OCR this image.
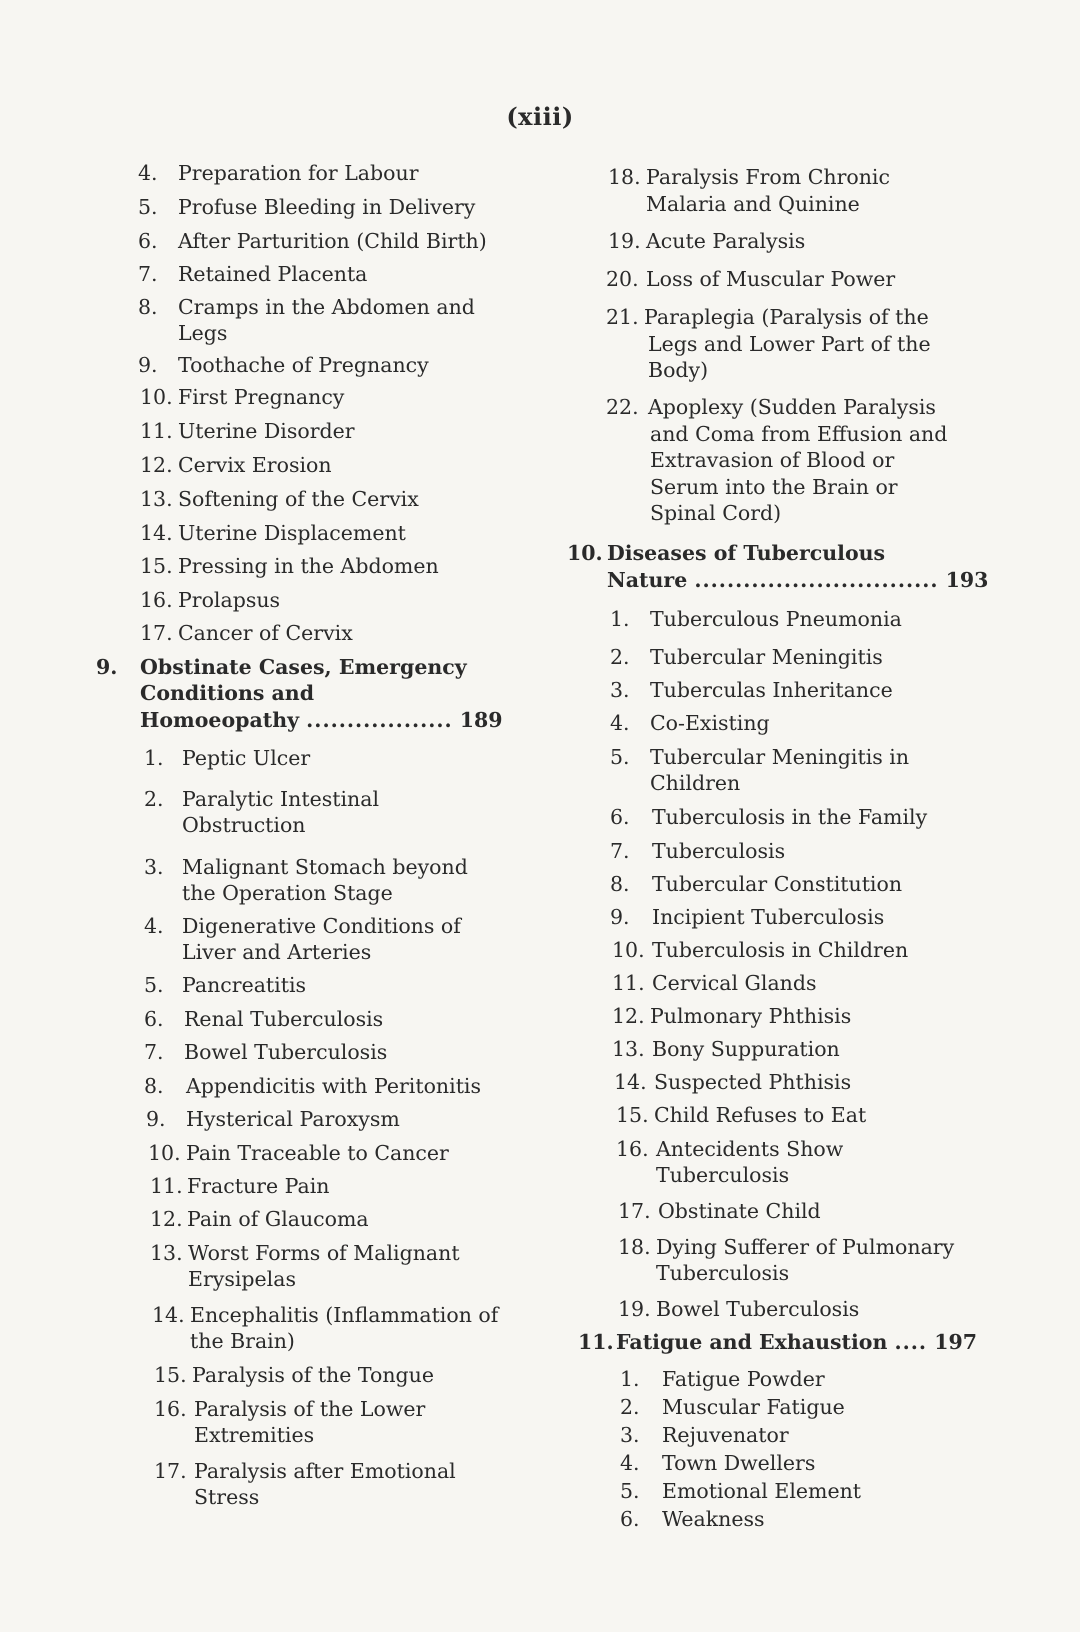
(xiii)
4. Preparation for Labour
5. Profuse Bleeding in Delivery
6. After Parturition (Child Birth)
7. Retained Placenta
8. Cramps in the Abdomen and
Legs
9. Toothache of Pregnancy
10. First Pregnancy
11. Uterine Disorder
12. Cervix Erosion
13. Softening of the Cervix
14. Uterine Displacement
15. Pressing in the Abdomen
16. Prolapsus
17. Cancer of Cervix
9. Obstinate Cases, Emergency
Conditions and
Homoeopathy .................. 189
1. Peptic Ulcer
2. Paralytic Intestinal
Obstruction
3. Malignant Stomach beyond
the Operation Stage
4. Digenerative Conditions of
Liver and Arteries
5. Pancreatitis
6. Renal Tuberculosis
7. Bowel Tuberculosis
8. Appendicitis with Peritonitis
9. Hysterical Paroxysm
10. Pain Traceable to Cancer
11. Fracture Pain
12. Pain of Glaucoma
13. Worst Forms of Malignant
Erysipelas
14. Encephalitis (Inflammation of
the Brain)
15. Paralysis of the Tongue
16. Paralysis of the Lower
Extremities
17. Paralysis after Emotional
Stress
18. Paralysis From Chronic
Malaria and Quinine
19. Acute Paralysis
20. Loss of Muscular Power
21. Paraplegia (Paralysis of the
Legs and Lower Part of the
Body)
22. Apoplexy (Sudden Paralysis
and Coma from Effusion and
Extravasion of Blood or
Serum into the Brain or
Spinal Cord)
10. Diseases of Tuberculous
Nature .............................. 193
1. Tuberculous Pneumonia
2. Tubercular Meningitis
3. Tuberculas Inheritance
4. Co-Existing
5. Tubercular Meningitis in
Children
6. Tuberculosis in the Family
7. Tuberculosis
8. Tubercular Constitution
9. Incipient Tuberculosis
10. Tuberculosis in Children
11. Cervical Glands
12. Pulmonary Phthisis
13. Bony Suppuration
14. Suspected Phthisis
15. Child Refuses to Eat
16. Antecidents Show
Tuberculosis
17. Obstinate Child
18. Dying Sufferer of Pulmonary
Tuberculosis
19. Bowel Tuberculosis
11. Fatigue and Exhaustion .... 197
1. Fatigue Powder
2. Muscular Fatigue
3. Rejuvenator
4. Town Dwellers
5. Emotional Element
6. Weakness
